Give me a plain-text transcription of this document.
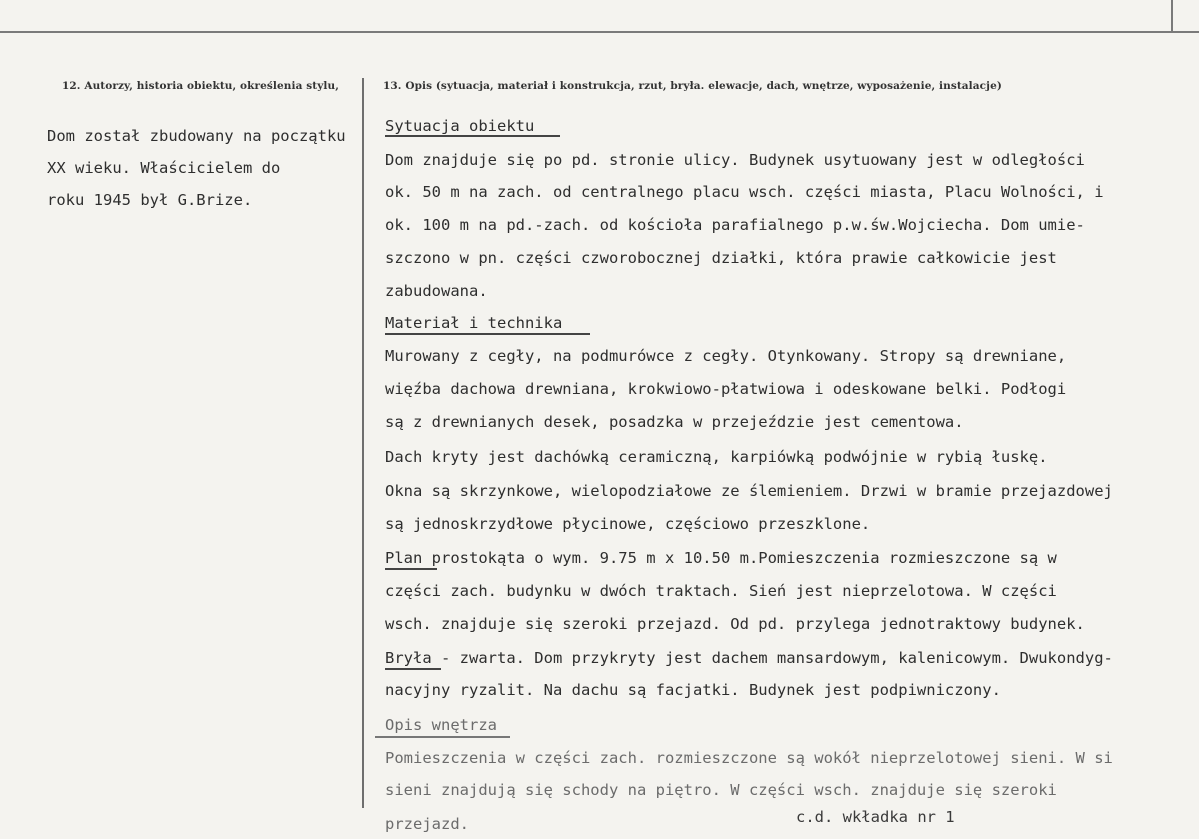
12. Autorzy, historia obiektu, określenia stylu,	13. Opis (sytuacja, materiał i konstrukcja, rzut, bryła. elewacje, dach, wnętrze, wyposażenie, instalacje)
Dom został zbudowany na początku
XX wieku. Właścicielem do
roku 1945 był G.Brize.
Sytuacja obiektu
Dom znajduje się po pd. stronie ulicy. Budynek usytuowany jest w odległości
ok. 50 m na zach. od centralnego placu wsch. części miasta, Placu Wolności, i
ok. 100 m na pd.-zach. od kościoła parafialnego p.w.św.Wojciecha. Dom umie-
szczono w pn. części czworobocznej działki, która prawie całkowicie jest
zabudowana.
Materiał i technika
Murowany z cegły, na podmurówce z cegły. Otynkowany. Stropy są drewniane,
więźba dachowa drewniana, krokwiowo-płatwiowa i odeskowane belki. Podłogi
są z drewnianych desek, posadzka w przejeździe jest cementowa.
Dach kryty jest dachówką ceramiczną, karpiówką podwójnie w rybią łuskę.
Okna są skrzynkowe, wielopodziałowe ze ślemieniem. Drzwi w bramie przejazdowej
są jednoskrzydłowe płycinowe, częściowo przeszklone.
Plan prostokąta o wym. 9.75 m x 10.50 m.Pomieszczenia rozmieszczone są w
części zach. budynku w dwóch traktach. Sień jest nieprzelotowa. W części
wsch. znajduje się szeroki przejazd. Od pd. przylega jednotraktowy budynek.
Bryła - zwarta. Dom przykryty jest dachem mansardowym, kalenicowym. Dwukondyg-
nacyjny ryzalit. Na dachu są facjatki. Budynek jest podpiwniczony.
Opis wnętrza
Pomieszczenia w części zach. rozmieszczone są wokół nieprzelotowej sieni. W si
sieni znajdują się schody na piętro. W części wsch. znajduje się szeroki
przejazd.	c.d. wkładka nr 1
